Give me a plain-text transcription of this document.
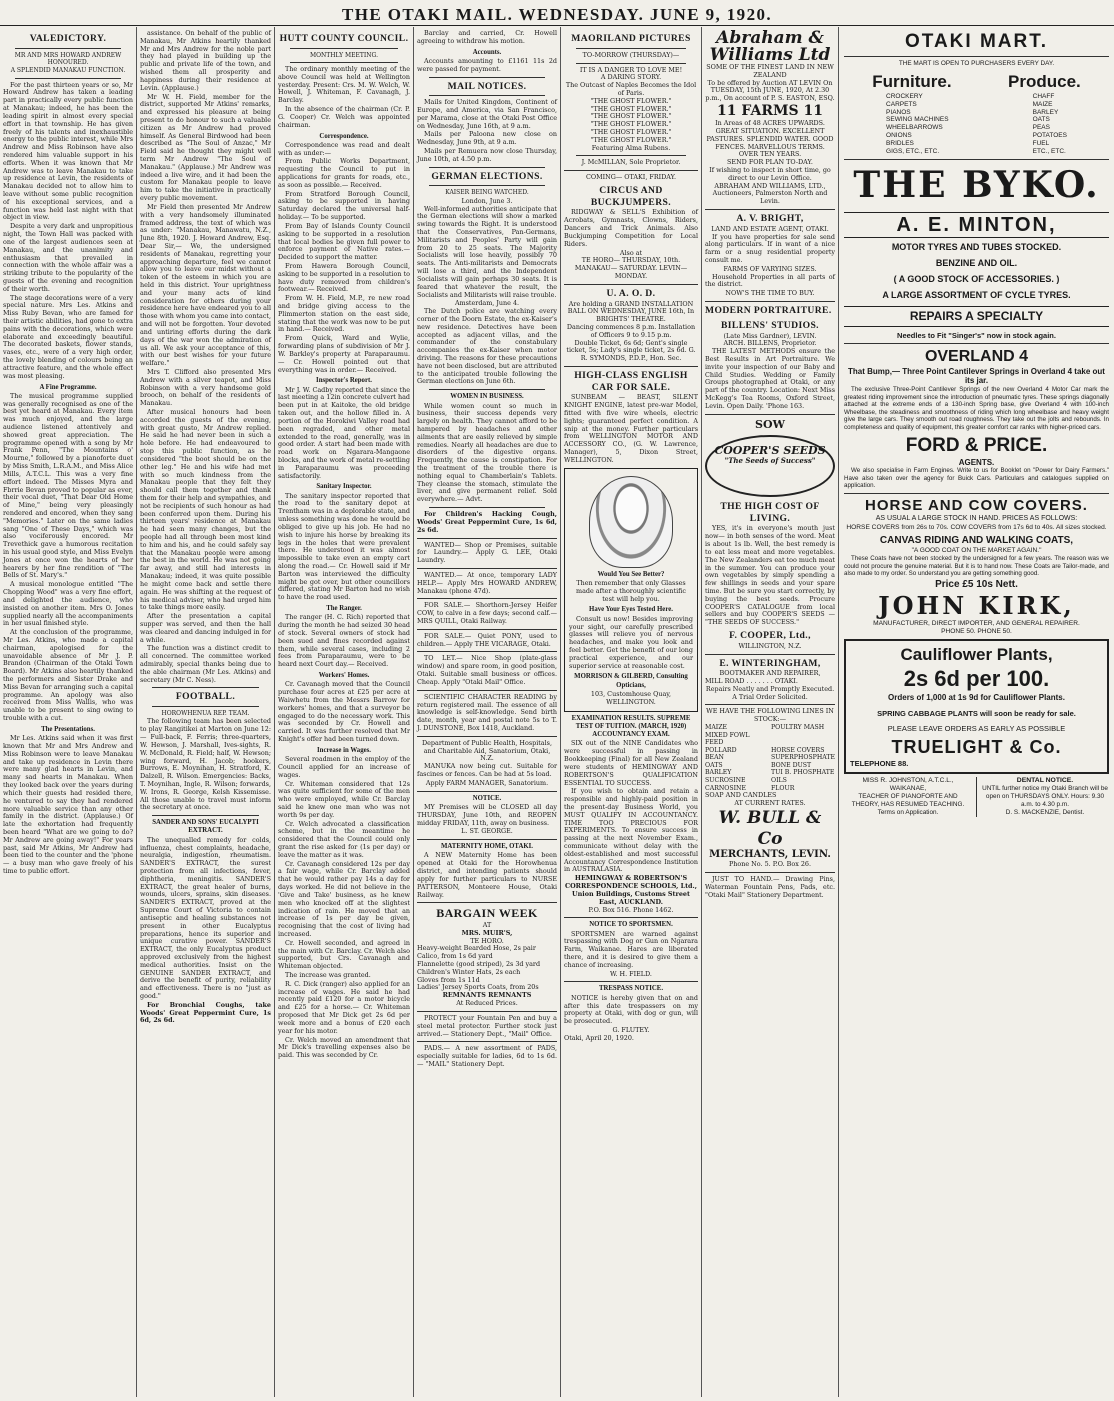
THE OTAKI MAIL. WEDNESDAY. JUNE 9, 1920.
VALEDICTORY.
MR AND MRS HOWARD ANDREW HONOURED.
A SPLENDID MANAKAU FUNCTION.
For the past thirteen years or so, Mr Howard Andrew has taken a leading part in practically every public function at Manakau; indeed, he has been the leading spirit in almost every special effort in that township. He has given freely of his talents and inexhaustible energy to the public interest, while Mrs Andrew and Miss Robinson have also rendered him valuable support in his efforts. When it was known that Mr Andrew was to leave Manakau to take up residence at Levin, the residents of Manakau decided not to allow him to leave without some public recognition of his exceptional services, and a function was held last night with that object in view.
Despite a very dark and unpropitious night, the Town Hall was packed with one of the largest audiences seen at Manakau, and the unanimity and enthusiasm that prevailed in connection with the whole affair was a striking tribute to the popularity of the guests of the evening and recognition of their worth.
The stage decorations were of a very special nature. Mrs Les. Atkins and Miss Ruby Bevan, who are famed for their artistic abilities, had gone to extra pains with the decorations, which were elaborate and exceedingly beautiful. The decorated baskets, flower stands, vases, etc., were of a very high order, the lovely blending of colours being an attractive feature, and the whole effect was most pleasing.
A Fine Programme.
The musical programme supplied was generally recognised as one of the best yet heard at Manakau. Every item was much enjoyed, and the large audience listened attentively and showed great appreciation. The programme opened with a song by Mr Frank Penn, "The Mountains o' Mourne," followed by a pianoforte duet by Miss Smith, L.R.A.M., and Miss Alice Mills, A.T.C.L. This was a very fine effort indeed. The Misses Myra and Fbrrie Bevan proved to popular as ever, their vocal duet, "That Dear Old Home of Mine," being very pleasingly rendered and encored, when they sang "Memories." Later on the same ladies sang "One of These Days," which was also vociferously encored. Mr Trevethick gave a humorous recitation in his usual good style, and Miss Evelyn Jones at once won the hearts of her hearers by her fine rendition of "The Bells of St. Mary's."
A musical monologue entitled "The Chopping Wood" was a very fine effort, and delighted the audience, who insisted on another item. Mrs O. Jones supplied nearly all the accompaniments in her usual finished style.
At the conclusion of the programme, Mr Les. Atkins, who made a capital chairman, apologised for the unavoidable absence of Mr J. P. Brandon (Chairman of the Otaki Town Board). Mr Atkins also heartily thanked the performers and Sister Drake and Miss Bevan for arranging such a capital programme. An apology was also received from Miss Wallis, who was unable to be present to sing owing to trouble with a cut.
The Presentations.
Mr Les. Atkins said when it was first known that Mr and Mrs Andrew and Miss Robinson were to leave Manakau and take up residence in Levin there were many glad hearts in Levin, and many sad hearts in Manakau. When they looked back over the years during which their guests had resided there, he ventured to say they had rendered more valuable service than any other family in the district. (Applause.) Of late the exhortation had frequently been heard "What are we going to do? Mr Andrew are going away!" For years past, said Mr Atkins, Mr Andrew had been tied to the counter and the 'phone — a busy man who gave freely of his time to public effort.
assistance. On behalf of the public of Manakau, Mr Atkins heartily thanked Mr and Mrs Andrew for the noble part they had played in building up the public and private life of the town, and wished them all prosperity and happiness during their residence at Levin. (Applause.)
Mr W. H. Field, member for the district, supported Mr Atkins' remarks, and expressed his pleasure at being present to do honour to such a valuable citizen as Mr Andrew had proved himself. As General Birdwood had been described as "The Soul of Anzac," Mr Field said he thought they might well term Mr Andrew "The Soul of Manakau." (Applause.) Mr Andrew was indeed a live wire, and it had been the custom for Manakau people to leave him to take the initiative in practically every public movement.
Mr Field then presented Mr Andrew with a very handsomely illuminated framed address, the text of which was as under: "Manakau, Manawatu, N.Z., June 8th, 1920. J. Howard Andrew, Esq. Dear Sir,— We, the undersigned residents of Manakau, regretting your approaching departure, feel we cannot allow you to leave our midst without a token of the esteem in which you are held in this district. Your uprightness and your many acts of kind consideration for others during your residence here have endeared you to all those with whom you came into contact, and will not be forgotten. Your devoted and untiring efforts during the dark days of the war won the admiration of us all. We ask your acceptance of this, with our best wishes for your future welfare."
Mrs T. Clifford also presented Mrs Andrew with a silver teapot, and Miss Robinson with a very handsome gold brooch, on behalf of the residents of Manakau.
After musical honours had been accorded the guests of the evening, with great gusto, Mr Andrew replied. He said he had never been in such a hole before. He had endeavoured to stop this public function, as he considered "the boot should be on the other leg." He and his wife had met with so much kindness from the Manakau people that they felt they should call them together and thank them for their help and sympathies, and not be recipients of such honour as had been conferred upon them. During his thirteen years' residence at Manakau he had seen many changes, but the people had all through been most kind to him and his, and he could safely say that the Manakau people were among the best in the world. He was not going far away, and still had interests in Manakau; indeed, it was quite possible he might come back and settle there again. He was shifting at the request of his medical adviser, who had urged him to take things more easily.
After the presentation a capital supper was served, and then the hall was cleared and dancing indulged in for a while.
The function was a distinct credit to all concerned. The committee worked admirably, special thanks being due to the able chairman (Mr Les. Atkins) and secretary (Mr C. Ness).
FOOTBALL.
HOROWHENUA REP. TEAM.
The following team has been selected to play Rangitikei at Marton on June 12:— Full-back, F. Ferris; three-quarters, W. Hewson, J. Marshall, Ives-sights, R. W. McDonald, R. Field; half, W. Hewson; wing forward, H. Jacob; hookers, Burrows, E. Moynihan, H. Stratford, K. Dalzell, R. Wilson. Emergencies: Backs, T. Moynihan, Ingle, R. Wilson; forwards, W. Irons, R. George, Kelsh Kissemisse. All those unable to travel must inform the secretary at once.
SANDER AND SONS' EUCALYPTI EXTRACT.
The unequalled remedy for colds, influenza, chest complaints, headache, neuralgia, indigestion, rheumatism. SANDER'S EXTRACT, the surest protection from all infections, fever, diphtheria, meningitis. SANDER'S EXTRACT, the great healer of burns, wounds, ulcers, sprains, skin diseases. SANDER'S EXTRACT, proved at the Supreme Court of Victoria to contain antiseptic and healing substances not present in other Eucalyptus preparations, hence its superior and unique curative power. SANDER'S EXTRACT, the only Eucalyptus product approved exclusively from the highest medical authorities. Insist on the GENUINE SANDER EXTRACT, and derive the benefit of purity, reliability and effectiveness. There is no "just as good."
For Bronchial Coughs, take Woods' Great Peppermint Cure, 1s 6d, 2s 6d.
HUTT COUNTY COUNCIL.
MONTHLY MEETING.
The ordinary monthly meeting of the above Council was held at Wellington yesterday. Present: Crs. M. W. Welch, W. Howell, J. Whiteman, F. Cavanagh, J. Barclay.
In the absence of the chairman (Cr. P. G. Cooper) Cr. Welch was appointed chairman.
Correspondence.
Correspondence was read and dealt with as under:—
From Public Works Department, requesting the Council to put in applications for grants for roads, etc., as soon as possible.— Received.
From Stratford Borough Council, asking to be supported in having Saturday declared the universal half-holiday.— To be supported.
From Bay of Islands County Council asking to be supported in a resolution that local bodies be given full power to enforce payment of Native rates.— Decided to support the matter.
From Hawera Borough Council, asking to be supported in a resolution to have duty removed from children's footwear.— Received.
From W. H. Field, M.P., re new road and bridge giving access to the Plimmerton station on the east side, stating that the work was now to be put in hand.— Received.
From Quick, Ward and Wylie, forwarding plans of subdivision of Mr J. W. Barkley's property at Paraparaumu.— Cr. Howell pointed out that everything was in order.— Received.
Inspector's Report.
Mr J. W. Cadby reported that since the last meeting a 12in concrete culvert had been put in at Kaitoke, the old bridge taken out, and the hollow filled in. A portion of the Horokiwi Valley road had been regraded, and other metal extended to the road, generally, was in good order. A start had been made with road work on Ngarara-Mangaone blocks, and the work of metal re-settling in Paraparaumu was proceeding satisfactorily.
Sanitary Inspector.
The sanitary inspector reported that the road to the sanitary depot at Trentham was in a deplorable state, and unless something was done he would be obliged to give up his job. He had no wish to injure his horse by breaking its legs in the holes that were prevalent there. He understood it was almost impossible to take even an empty cart along the road.— Cr. Howell said if Mr Barton was interviewed the difficulty might be got over, but other councillors differed, stating Mr Barton had no wish to have the road used.
The Ranger.
The ranger (H. C. Rich) reported that during the month he had seized 30 head of stock. Several owners of stock had been sued and fines recorded against them, while several cases, including 2 fees from Paraparaumu, were to be heard next Court day.— Received.
Workers' Homes.
Cr. Cavanagh moved that the Council purchase four acres at £25 per acre at Waiwhetu from the Messrs Barrow for workers' homes, and that a surveyor be engaged to do the necessary work. This was seconded by Cr. Howell and carried. It was further resolved that Mr Knight's offer had been turned down.
Increase in Wages.
Several roadmen in the employ of the Council applied for an increase of wages.
Cr. Whiteman considered that 12s was quite sufficient for some of the men who were employed, while Cr. Barclay said he knew one man who was not worth 9s per day.
Cr. Welch advocated a classification scheme, but in the meantime he considered that the Council could only grant the rise asked for (1s per day) or leave the matter as it was.
Cr. Cavanagh considered 12s per day a fair wage, while Cr. Barclay added that he would rather pay 14s a day for days worked. He did not believe in the 'Give and Take' business, as he knew men who knocked off at the slightest indication of rain. He moved that an increase of 1s per day be given, recognising that the cost of living had increased.
Cr. Howell seconded, and agreed in the main with Cr. Barclay. Cr. Welch also supported, but Crs. Cavanagh and Whiteman objected.
The increase was granted.
R. C. Dick (ranger) also applied for an increase of wages. He said he had recently paid £120 for a motor bicycle and £25 for a horse.— Cr. Whiteman proposed that Mr Dick get 2s 6d per week more and a bonus of £20 each year for his motor.
Cr. Welch moved an amendment that Mr Dick's travelling expenses also be paid. This was seconded by Cr.
Barclay and carried, Cr. Howell agreeing to withdraw his motion.
Accounts.
Accounts amounting to £1161 11s 2d were passed for payment.
MAIL NOTICES.
Mails for United Kingdom, Continent of Europe, and America, via San Francisco, per Marama, close at the Otaki Post Office on Wednesday, June 16th, at 9 a.m.
Mails per Paloona new close on Wednesday, June 9th, at 9 a.m.
Mails per Remuera now close Thursday, June 10th, at 4.50 p.m.
GERMAN ELECTIONS.
KAISER BEING WATCHED.
London, June 3.
Well-informed authorities anticipate that the German elections will show a marked swing towards the Right. It is understood that the Conservatives, Pan-Germans, Militarists and Peoples' Party will gain from 20 to 25 seats. The Majority Socialists will lose heavily, possibly 70 seats. The Anti-militarists and Democrats will lose a third, and the Independent Socialists will gain perhaps 30 seats. It is feared that whatever the result, the Socialists and Militarists will raise trouble.
Amsterdam, June 4.
The Dutch police are watching every corner of the Doorn Estate, the ex-Kaiser's new residence. Detectives have been accepted as adjacent villas, and the commander of the constabulary accompanies the ex-Kaiser when motor driving. The reasons for these precautions have not been disclosed, but are attributed to the anticipated trouble following the German elections on June 6th.
WOMEN IN BUSINESS.
While women count so much in business, their success depends very largely on health. They cannot afford to be hampered by headaches and other ailments that are easily relieved by simple remedies. Nearly all headaches are due to disorders of the digestive organs. Frequently, the cause is constipation. For the treatment of the trouble there is nothing equal to Chamberlain's Tablets. They cleanse the stomach, stimulate the liver, and give permanent relief. Sold everywhere.— Advt.
For Children's Hacking Cough, Woods' Great Peppermint Cure, 1s 6d, 2s 6d.
WANTED— Shop or Premises, suitable for Laundry.— Apply G. LEE, Otaki Laundry.
WANTED.— At once, temporary LADY HELP.— Apply Mrs HOWARD ANDREW, Manakau (phone 47d).
FOR SALE.— Shorthorn-Jersey Heifer COW, to calve in a few days; second calf.— MRS QUILL, Otaki Railway.
FOR SALE.— Quiet PONY, used to children.— Apply THE VICARAGE, Otaki.
TO LET.— Nice Shop (plate-glass window) and spare room, in good position, Otaki. Suitable small business or offices. Cheap. Apply "Otaki Mail" Office.
SCIENTIFIC CHARACTER READING by return registered mail. The essence of all knowledge is self-knowledge. Send birth date, month, year and postal note 5s to T. J. DUNSTONE, Box 1418, Auckland.
Department of Public Health, Hospitals, and Charitable Aid, Sanatorium, Otaki, N.Z.
MANUKA now being cut. Suitable for fascines or fences. Can be had at 5s load.
Apply FARM MANAGER, Sanatorium.
NOTICE.
MY Premises will be CLOSED all day THURSDAY, June 10th, and REOPEN midday FRIDAY, 11th, away on business.
L. ST. GEORGE.
MATERNITY HOME, OTAKI.
A NEW Maternity Home has been opened at Otaki for the Horowhenua district, and intending patients should apply for further particulars to NURSE PATTERSON, Monteere House, Otaki Railway.
BARGAIN WEEK
AT
MRS. MUIR'S,
TE HORO.
Heavy-weight Bearded Hose, 2s pair
Calico, from 1s 6d yard
Flannelette (good striped), 2s 3d yard
Children's Winter Hats, 2s each
Gloves from 1s 11d
Ladies' Jersey Sports Coats, from 20s
REMNANTS REMNANTS
At Reduced Prices.
PROTECT your Fountain Pen and buy a steel metal protector. Further stock just arrived.— Stationery Dept., "Mail" Office.
PADS.— A new assortment of PADS, especially suitable for ladies, 6d to 1s 6d.— "MAIL" Stationery Dept.
MAORILAND PICTURES
TO-MORROW (THURSDAY)—
IT IS A DANGER TO LOVE ME!
A DARING STORY.
The Outcast of Naples Becomes the Idol of Paris.
"THE GHOST FLOWER."
"THE GHOST FLOWER."
"THE GHOST FLOWER."
"THE GHOST FLOWER."
"THE GHOST FLOWER."
"THE GHOST FLOWER."
Featuring Alma Rubens.
J. McMILLAN, Sole Proprietor.
COMING— OTAKI, FRIDAY.
CIRCUS AND BUCKJUMPERS.
RIDGWAY & SELL'S Exhibition of Acrobats, Gymnasts, Clowns, Riders, Dancers and Trick Animals. Also Buckjumping Competition for Local Riders.
Also at
TE HORO— THURSDAY, 10th. MANAKAU— SATURDAY. LEVIN— MONDAY.
U. A. O. D.
Are holding a GRAND INSTALLATION BALL ON WEDNESDAY, JUNE 16th, In BRIGHTS' THEATRE.
Dancing commences 8 p.m. Installation of Officers 9 to 9.15 p.m.
Double Ticket, 6s 6d; Gent's single ticket, 5s; Lady's single ticket, 2s 6d. G. R. SYMONDS, P.D.P., Hon. Sec.
HIGH-CLASS ENGLISH CAR FOR SALE.
SUNBEAM — BEAST, SILENT KNIGHT ENGINE, latest pre-war Model, fitted with five wire wheels, electric lights; guaranteed perfect condition. A snip at the money. Further particulars from WELLINGTON MOTOR AND ACCESSORY CO., (G. W. Lawrence, Manager), 5, Dixon Street, WELLINGTON.
Would You See Better?
Then remember that only Glasses made after a thoroughly scientific test will help you.
Have Your Eyes Tested Here.
Consult us now! Besides improving your sight, our carefully prescribed glasses will relieve you of nervous headaches, and make you look and feel better. Get the benefit of our long practical experience, and our superior service at reasonable cost.
MORRISON & GILBERD, Consulting Opticians,
103, Customhouse Quay, WELLINGTON.
EXAMINATION RESULTS. SUPREME TEST OF TUITION. (MARCH, 1920) ACCOUNTANCY EXAM.
SIX out of the NINE Candidates who were successful in passing in Bookkeeping (Final) for all New Zealand were students of HEMINGWAY AND ROBERTSON'S QUALIFICATION ESSENTIAL TO SUCCESS.
If you wish to obtain and retain a responsible and highly-paid position in the present-day Business World, you MUST QUALIFY IN ACCOUNTANCY. TIME TOO PRECIOUS FOR EXPERIMENTS. To ensure success in passing at the next November Exam., communicate without delay with the oldest-established and most successful Accountancy Correspondence Institution in AUSTRALASIA.
HEMINGWAY & ROBERTSON'S CORRESPONDENCE SCHOOLS, Ltd., Union Buildings, Customs Street East, AUCKLAND.
P.O. Box 516. Phone 1462.
NOTICE TO SPORTSMEN.
SPORTSMEN are warned against trespassing with Dog or Gun on Ngarara Farm, Waikanae. Hares are liberated there, and it is desired to give them a chance of increasing.
W. H. FIELD.
TRESPASS NOTICE.
NOTICE is hereby given that on and after this date trespassers on my property at Otaki, with dog or gun, will be prosecuted.
G. FLUTEY.
Otaki, April 20, 1920.
Abraham &
Williams Ltd
SOME OF THE FINEST LAND IN NEW ZEALAND
To be offered by Auction AT LEVIN On TUESDAY, 15th JUNE, 1920, At 2.30 p.m., On account of P. S. EASTON, ESQ.
11 FARMS 11
In Areas of 48 ACRES UPWARDS.
GREAT SITUATION. EXCELLENT PASTURES. SPLENDID WATER. GOOD FENCES. MARVELLOUS TERMS. OVER TEN YEARS.
SEND FOR PLAN TO-DAY.
If wishing to inspect in short time, go direct to our Levin Office.
ABRAHAM AND WILLIAMS, LTD., Auctioneers, Palmerston North and Levin.
A. V. BRIGHT,
LAND AND ESTATE AGENT, OTAKI.
If you have properties for sale send along particulars. If in want of a nice farm or a snug residential property consult me.
FARMS OF VARYING SIZES.
Household Properties in all parts of the district.
NOW'S THE TIME TO BUY.
MODERN PORTRAITURE.
BILLENS' STUDIOS.
(Late Miss Gardner), LEVIN.
ARCH. BILLENS, Proprietor.
THE LATEST METHODS ensure the Best Results in Art Portraiture. We invite your inspection of our Baby and Child Studies. Wedding or Family Groups photographed at Otaki, or any part of the country. Location: Next Miss McKegg's Tea Rooms, Oxford Street, Levin. Open Daily. 'Phone 163.
SOW
COOPER'S SEEDS
"The Seeds of Success"
THE HIGH COST OF LIVING.
YES, it's in everyone's mouth just now— in both senses of the word. Meat is about 1s lb. Well, the best remedy is to eat less meat and more vegetables. The New Zealanders eat too much meat in the summer. You can produce your own vegetables by simply spending a few shillings in seeds and your spare time. But be sure you start correctly, by buying the best seeds. Procure COOPER'S CATALOGUE from local sellers and buy COOPER'S SEEDS — "THE SEEDS OF SUCCESS."
F. COOPER, Ltd.,
WILLINGTON, N.Z.
E. WINTERINGHAM,
BOOTMAKER AND REPAIRER,
MILL ROAD . . . . . . . OTAKI.
Repairs Neatly and Promptly Executed. A Trial Order Solicited.
WE HAVE THE FOLLOWING LINES IN STOCK:—
MAIZE	POULTRY MASH
MIXED FOWL FEED
POLLARD	HORSE COVERS
BEAN	SUPERPHOSPHATE
OATS	BONE DUST
BARLEY	TUI B. PHOSPHATE
SUCROSINE	OILS
CARNOSINE	FLOUR
SOAP AND CANDLES
AT CURRENT RATES.
W. BULL & Co
MERCHANTS, LEVIN.
Phone No. 5. P.O. Box 26.
JUST TO HAND.— Drawing Pins, Waterman Fountain Pens, Pads, etc. "Otaki Mail" Stationery Department.
OTAKI MART.
THE MART IS OPEN TO PURCHASERS EVERY DAY.
Furniture.	Produce.
CROCKERY
CARPETS
PIANOS
SEWING MACHINES
WHEELBARROWS
ONIONS
BRIDLES
GIGS, ETC., ETC.
CHAFF
MAIZE
BARLEY
OATS
PEAS
POTATOES
FUEL
ETC., ETC.
THE BYKO.
A. E. MINTON,
MOTOR TYRES AND TUBES STOCKED.
BENZINE AND OIL.
( A GOOD STOCK OF ACCESSORIES. )
A LARGE ASSORTMENT OF CYCLE TYRES.
REPAIRS A SPECIALTY
Needles to Fit "Singer's" now in stock again.
OVERLAND 4
That Bump,— Three Point Cantilever Springs in Overland 4 take out its jar.
The exclusive Three-Point Cantilever Springs of the new Overland 4 Motor Car mark the greatest riding improvement since the introduction of pneumatic tyres. These springs diagonally attached at the extreme ends of a 130-inch Spring base, give Overland 4 with 100-inch Wheelbase, the steadiness and smoothness of riding which long wheelbase and heavy weight give the large cars. They smooth out road roughness. They take out the jolts and rebounds. In completeness and quality of equipment, this greater comfort car ranks with higher-priced cars.
FORD & PRICE.
AGENTS.
We also specialise in Farm Engines. Write to us for Booklet on "Power for Dairy Farmers." Have also taken over the agency for Buick Cars. Particulars and catalogues supplied on application.
HORSE AND COW COVERS.
AS USUAL A LARGE STOCK IN HAND. PRICES AS FOLLOWS:
HORSE COVERS from 26s to 70s. COW COVERS from 17s 6d to 40s. All sizes stocked.
CANVAS RIDING AND WALKING COATS,
"A GOOD COAT ON THE MARKET AGAIN."
These Coats have not been stocked by the undersigned for a few years. The reason was we could not procure the genuine material. But it is to hand now. These Coats are Tailor-made, and also made to my order. So understand you are getting something good.
Price £5 10s Nett.
JOHN KIRK,
MANUFACTURER, DIRECT IMPORTER, AND GENERAL REPAIRER.
PHONE 50. PHONE 50.
Cauliflower Plants,
2s 6d per 100.
Orders of 1,000 at 1s 9d for Cauliflower Plants.
SPRING CABBAGE PLANTS will soon be ready for sale.
PLEASE LEAVE ORDERS AS EARLY AS POSSIBLE
TRUELIGHT & Co.
TELEPHONE 88.
MISS R. JOHNSTON, A.T.C.L., WAIKANAE,
TEACHER OF PIANOFORTE AND THEORY, HAS RESUMED TEACHING.
Terms on Application.
DENTAL NOTICE.
UNTIL further notice my Otaki Branch will be open on THURSDAYS ONLY. Hours: 9.30 a.m. to 4.30 p.m.
D. S. MACKENZIE, Dentist.
